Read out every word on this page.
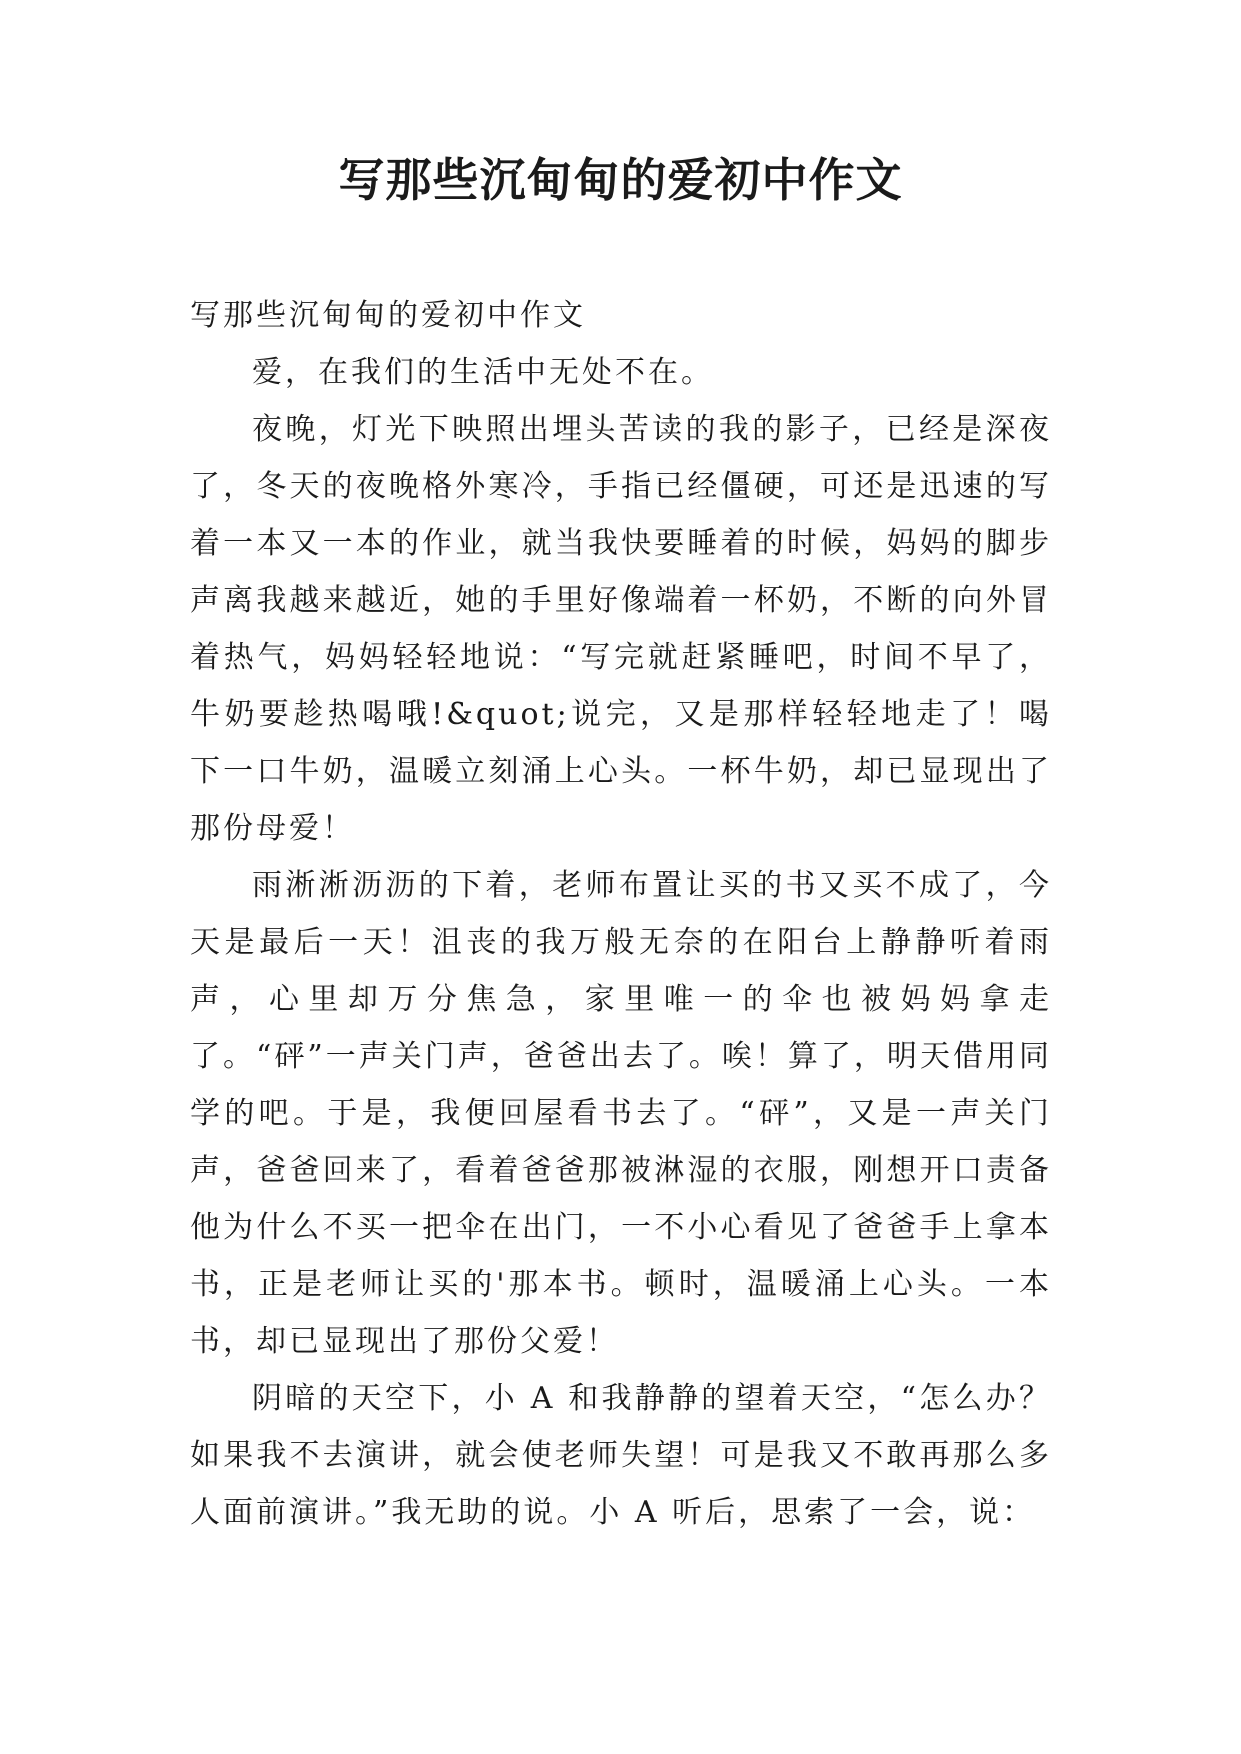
写那些沉甸甸的爱初中作文

写那些沉甸甸的爱初中作文

爱，在我们的生活中无处不在。

夜晚，灯光下映照出埋头苦读的我的影子，已经是深夜了，冬天的夜晚格外寒冷，手指已经僵硬，可还是迅速的写着一本又一本的作业，就当我快要睡着的时候，妈妈的脚步声离我越来越近，她的手里好像端着一杯奶，不断的向外冒着热气，妈妈轻轻地说：“写完就赶紧睡吧，时间不早了，牛奶要趁热喝哦!&quot;说完，又是那样轻轻地走了！喝下一口牛奶，温暖立刻涌上心头。一杯牛奶，却已显现出了那份母爱！

雨淅淅沥沥的下着，老师布置让买的书又买不成了，今天是最后一天！沮丧的我万般无奈的在阳台上静静听着雨声，心里却万分焦急，家里唯一的伞也被妈妈拿走了。“砰”一声关门声，爸爸出去了。唉！算了，明天借用同学的吧。于是，我便回屋看书去了。“砰”，又是一声关门声，爸爸回来了，看着爸爸那被淋湿的衣服，刚想开口责备他为什么不买一把伞在出门，一不小心看见了爸爸手上拿本书，正是老师让买的'那本书。顿时，温暖涌上心头。一本书，却已显现出了那份父爱！

阴暗的天空下，小 A 和我静静的望着天空，“怎么办？如果我不去演讲，就会使老师失望！可是我又不敢再那么多人面前演讲。”我无助的说。小 A 听后，思索了一会，说：
